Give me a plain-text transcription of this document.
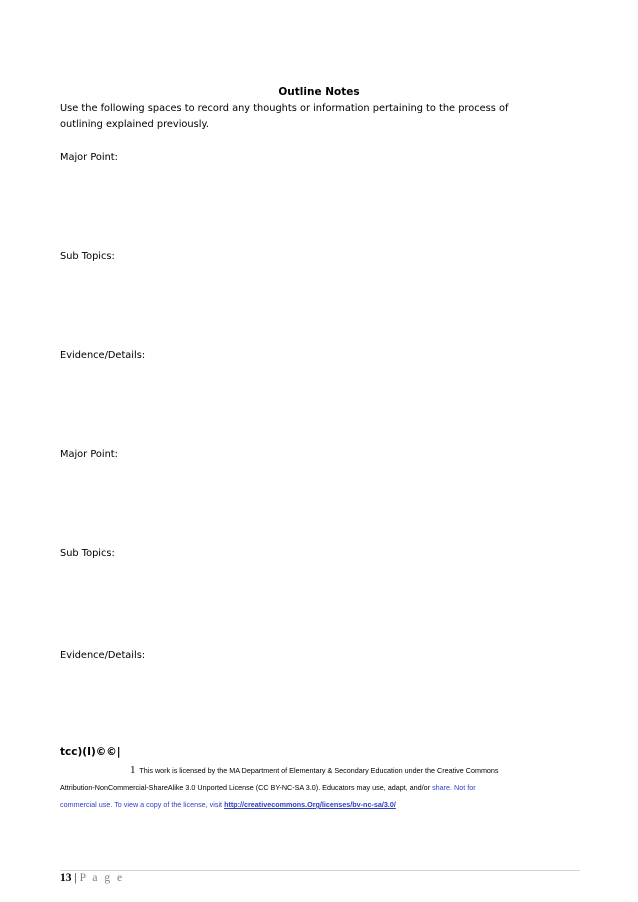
Outline Notes
Use the following spaces to record any thoughts or information pertaining to the process of outlining explained previously.
Major Point:
Sub Topics:
Evidence/Details:
Major Point:
Sub Topics:
Evidence/Details:
tcc)(I)©©|
1 This work is licensed by the MA Department of Elementary & Secondary Education under the Creative Commons
Attribution-NonCommercial-ShareAlike 3.0 Unported License (CC BY-NC-SA 3.0). Educators may use, adapt, and/or share. Not for
commercial use. To view a copy of the license, visit http://creativecommons.Org/licenses/bv-nc-sa/3.0/
13 | P a g e
